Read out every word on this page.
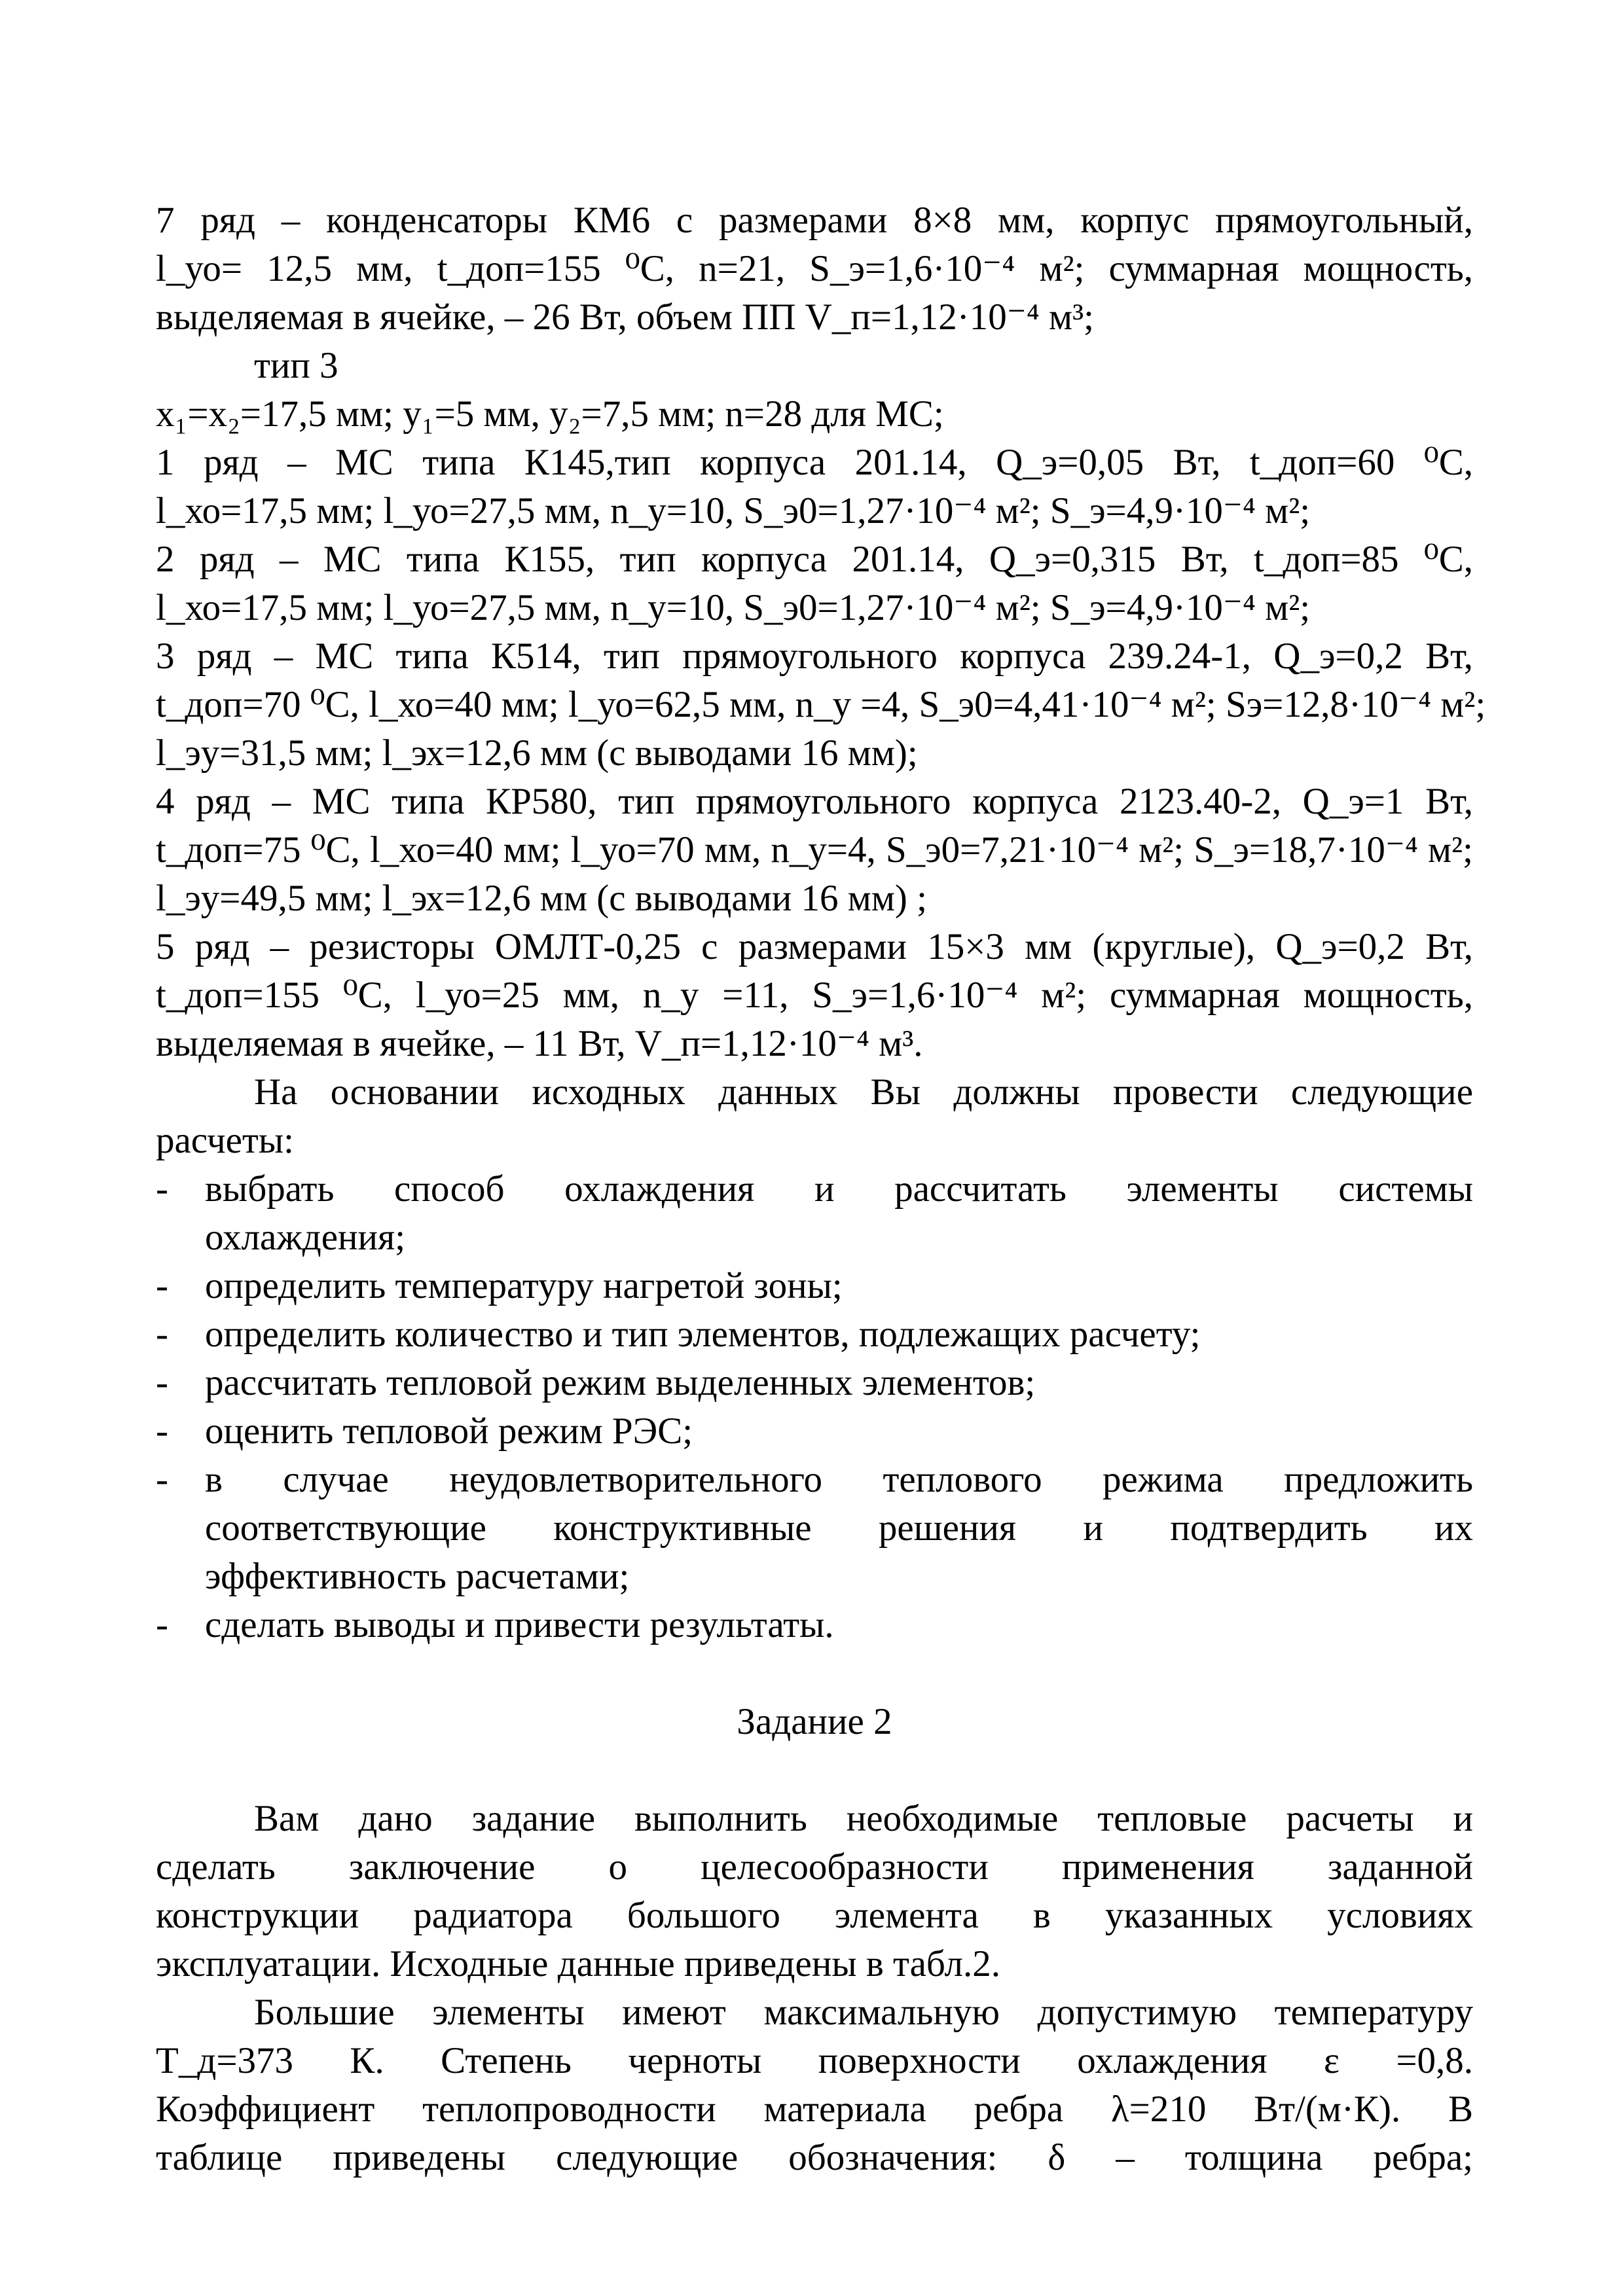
7 ряд – конденсаторы КМ6 с размерами 8×8 мм, корпус прямоугольный,
l_уо= 12,5 мм, t_доп=155 ⁰С, n=21, S_э=1,6·10⁻⁴ м²; суммарная мощность,
выделяемая в ячейке, – 26 Вт, объем ПП V_п=1,12·10⁻⁴ м³;
тип 3
x₁=x₂=17,5 мм; y₁=5 мм, y₂=7,5 мм; n=28 для МС;
1 ряд – МС типа К145,тип корпуса 201.14, Q_э=0,05 Вт, t_доп=60 ⁰С,
l_хо=17,5 мм; l_уо=27,5 мм, n_у=10, S_э0=1,27·10⁻⁴ м²; S_э=4,9·10⁻⁴ м²;
2 ряд – МС типа К155, тип корпуса 201.14, Q_э=0,315 Вт, t_доп=85 ⁰С,
l_хо=17,5 мм; l_уо=27,5 мм, n_у=10, S_э0=1,27·10⁻⁴ м²; S_э=4,9·10⁻⁴ м²;
3 ряд – МС типа К514, тип прямоугольного корпуса 239.24-1, Q_э=0,2 Вт,
t_доп=70 ⁰С, l_хо=40 мм; l_уо=62,5 мм, n_у =4, S_э0=4,41·10⁻⁴ м²; Sэ=12,8·10⁻⁴ м²;
l_эу=31,5 мм; l_эх=12,6 мм (с выводами 16 мм);
4 ряд – МС типа КР580, тип прямоугольного корпуса 2123.40-2, Q_э=1 Вт,
t_доп=75 ⁰С, l_хо=40 мм; l_уо=70 мм, n_у=4, S_э0=7,21·10⁻⁴ м²; S_э=18,7·10⁻⁴ м²;
l_эу=49,5 мм; l_эх=12,6 мм (с выводами 16 мм) ;
5 ряд – резисторы ОМЛТ-0,25 с размерами 15×3 мм (круглые), Q_э=0,2 Вт,
t_доп=155 ⁰С, l_уо=25 мм, n_у =11, S_э=1,6·10⁻⁴ м²; суммарная мощность,
выделяемая в ячейке, – 11 Вт, V_п=1,12·10⁻⁴ м³.
На основании исходных данных Вы должны провести следующие
расчеты:
- выбрать способ охлаждения и рассчитать элементы системы
охлаждения;
- определить температуру нагретой зоны;
- определить количество и тип элементов, подлежащих расчету;
- рассчитать тепловой режим выделенных элементов;
- оценить тепловой режим РЭС;
- в случае неудовлетворительного теплового режима предложить
соответствующие конструктивные решения и подтвердить их
эффективность расчетами;
- сделать выводы и привести результаты.
Задание 2
Вам дано задание выполнить необходимые тепловые расчеты и
сделать заключение о целесообразности применения заданной
конструкции радиатора большого элемента в указанных условиях
эксплуатации. Исходные данные приведены в табл.2.
Большие элементы имеют максимальную допустимую температуру
T_д=373 К. Степень черноты поверхности охлаждения ε =0,8.
Коэффициент теплопроводности материала ребра λ=210 Вт/(м·К). В
таблице приведены следующие обозначения: δ – толщина ребра;
